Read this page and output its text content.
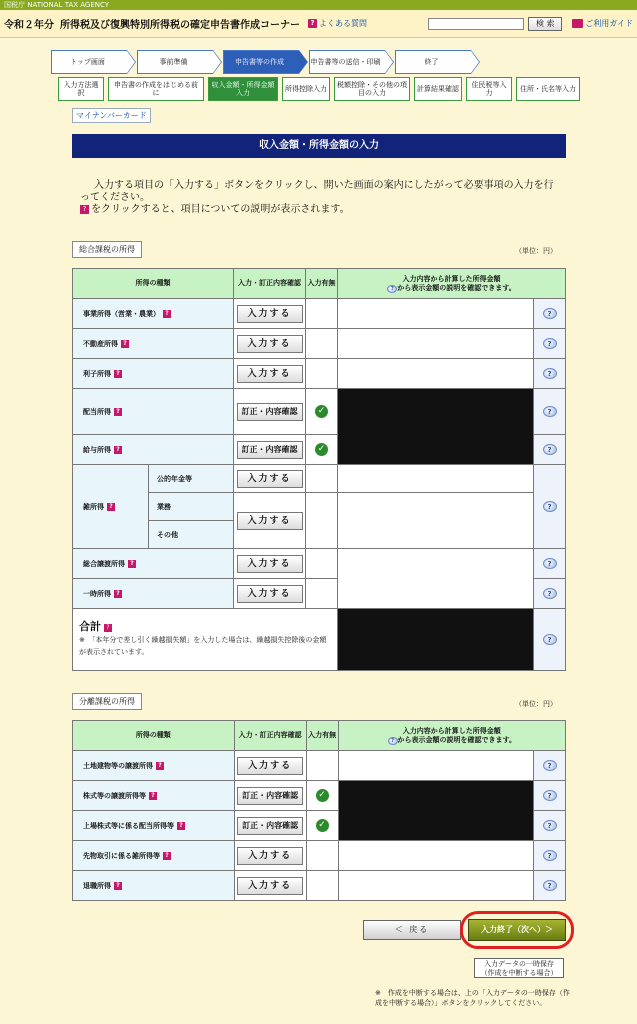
国税庁 NATIONAL TAX AGENCY
令和２年分 所得税及び復興特別所得税の確定申告書作成コーナー	? よくある質問	検 索	ご利用ガイド
トップ画面	事前準備	申告書等の作成	申告書等の送信・印刷	終了
入力方法選択
申告書の作成をはじめる前に
収入金額・所得金額入力	所得控除入力	税額控除・その他の項目の入力	計算結果確認	住民税等入力	住所・氏名等入力
マイナンバーカード
収入金額・所得金額の入力

入力する項目の「入力する」ボタンをクリックし、開いた画面の案内にしたがって必要事項の入力を行ってください。

? をクリックすると、項目についての説明が表示されます。
総合課税の所得	（単位：円）
所得の種類		入力・訂正内容確認	入力有無	入力内容から計算した所得金額
? から表示金額の説明を確認できます。	
事業所得（営業・農業） ?		入力する			?
不動産所得 ?		入力する			?
利子所得 ?		入力する			?
配当所得 ?		訂正・内容確認	✓		?
給与所得 ?		訂正・内容確認	✓		?
雑所得 ?	公的年金等	入力する			?
	業務	入力する			
	その他				
総合譲渡所得 ?		入力する			?
一時所得 ?		入力する			?
合計 ?
※　「本年分で差し引く繰越損失額」を入力した場合は、繰越損失控除後の金額が表示されています。					?
分離課税の所得	（単位：円）
所得の種類	入力・訂正内容確認	入力有無	入力内容から計算した所得金額
? から表示金額の説明を確認できます。	
土地建物等の譲渡所得 ?	入力する			?
株式等の譲渡所得等 ?	訂正・内容確認	✓		?
上場株式等に係る配当所得等 ?	訂正・内容確認	✓		?
先物取引に係る雑所得等 ?	入力する			?
退職所得 ?	入力する			?
＜ 戻る	入力終了（次へ）＞
入力データの一時保存
（作成を中断する場合）
※　作成を中断する場合は、上の「入力データの一時保存（作成を中断する場合）」ボタンをクリックしてください。
